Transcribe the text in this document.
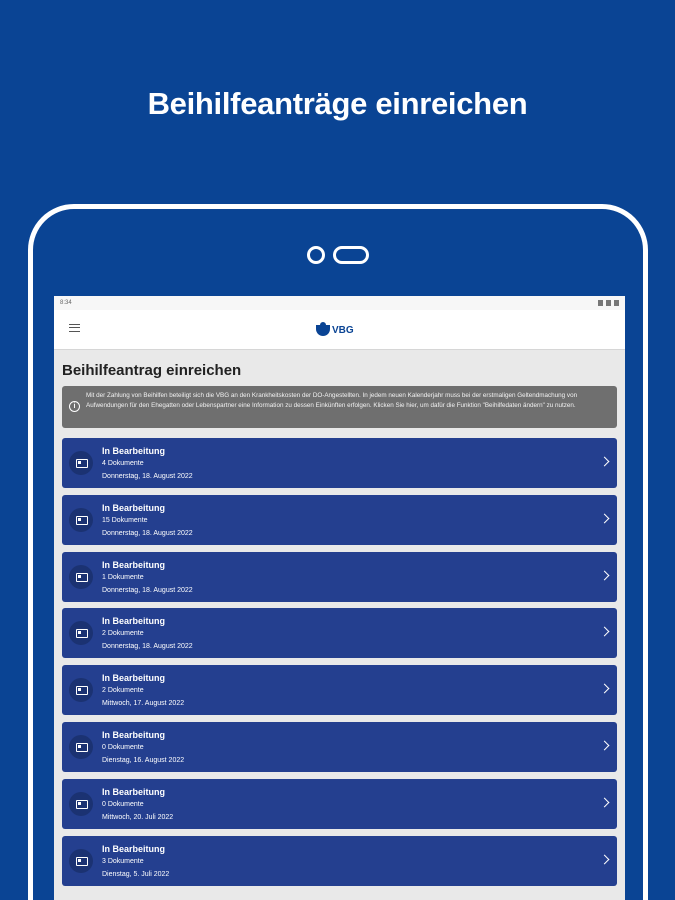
Beihilfeanträge einreichen
8:34
VBG
Beihilfeantrag einreichen
i
Mit der Zahlung von Beihilfen beteiligt sich die VBG an den Krankheitskosten der DO-Angestellten. In jedem neuen Kalenderjahr muss bei der erstmaligen Geltendmachung von Aufwendungen für den Ehegatten oder Lebenspartner eine Information zu dessen Einkünften erfolgen. Klicken Sie hier, um dafür die Funktion "Beihilfedaten ändern" zu nutzen.
In Bearbeitung
4 Dokumente
Donnerstag, 18. August 2022
In Bearbeitung
15 Dokumente
Donnerstag, 18. August 2022
In Bearbeitung
1 Dokumente
Donnerstag, 18. August 2022
In Bearbeitung
2 Dokumente
Donnerstag, 18. August 2022
In Bearbeitung
2 Dokumente
Mittwoch, 17. August 2022
In Bearbeitung
0 Dokumente
Dienstag, 16. August 2022
In Bearbeitung
0 Dokumente
Mittwoch, 20. Juli 2022
In Bearbeitung
3 Dokumente
Dienstag, 5. Juli 2022
